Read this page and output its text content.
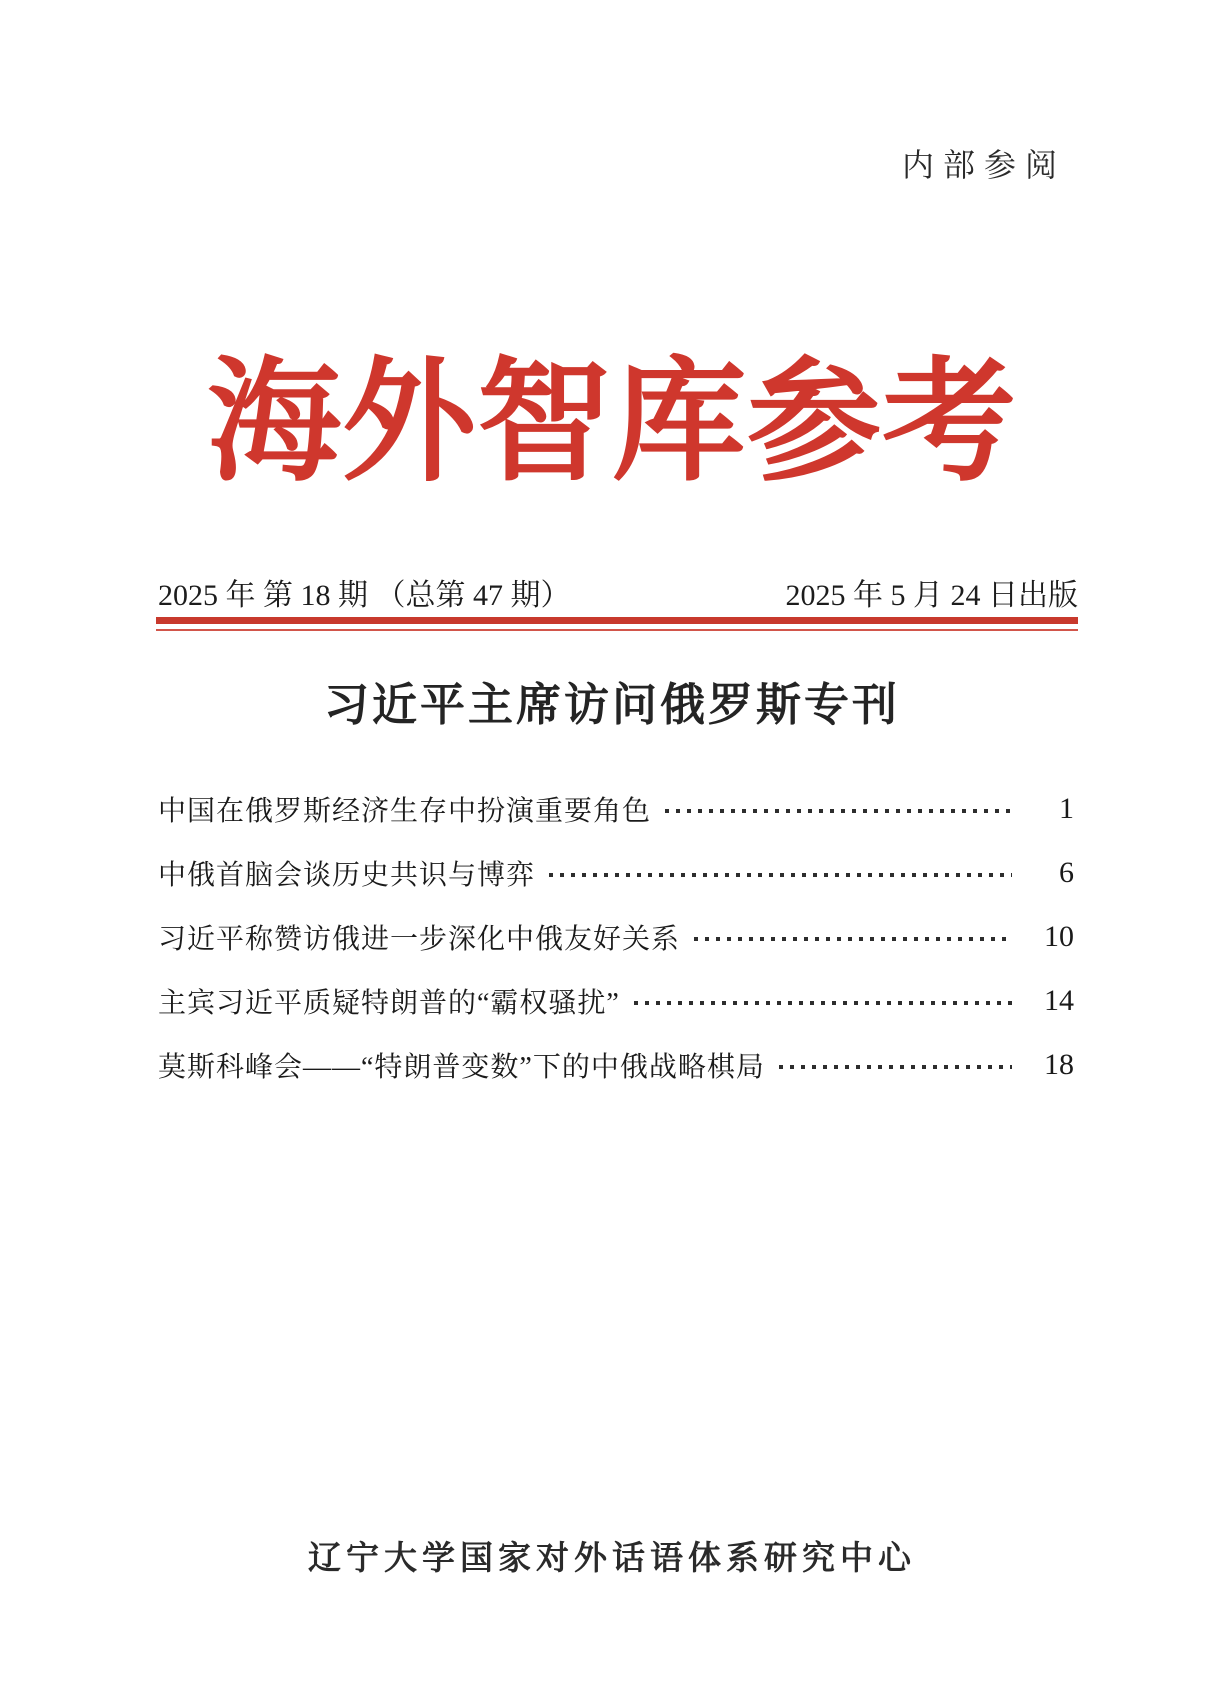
内部参阅
海外智库参考
2025 年 第 18 期 （总第 47 期）	2025 年 5 月 24 日出版
习近平主席访问俄罗斯专刊
中国在俄罗斯经济生存中扮演重要角色	1
中俄首脑会谈历史共识与博弈	6
习近平称赞访俄进一步深化中俄友好关系	10
主宾习近平质疑特朗普的“霸权骚扰”	14
莫斯科峰会——“特朗普变数”下的中俄战略棋局	18
辽宁大学国家对外话语体系研究中心
